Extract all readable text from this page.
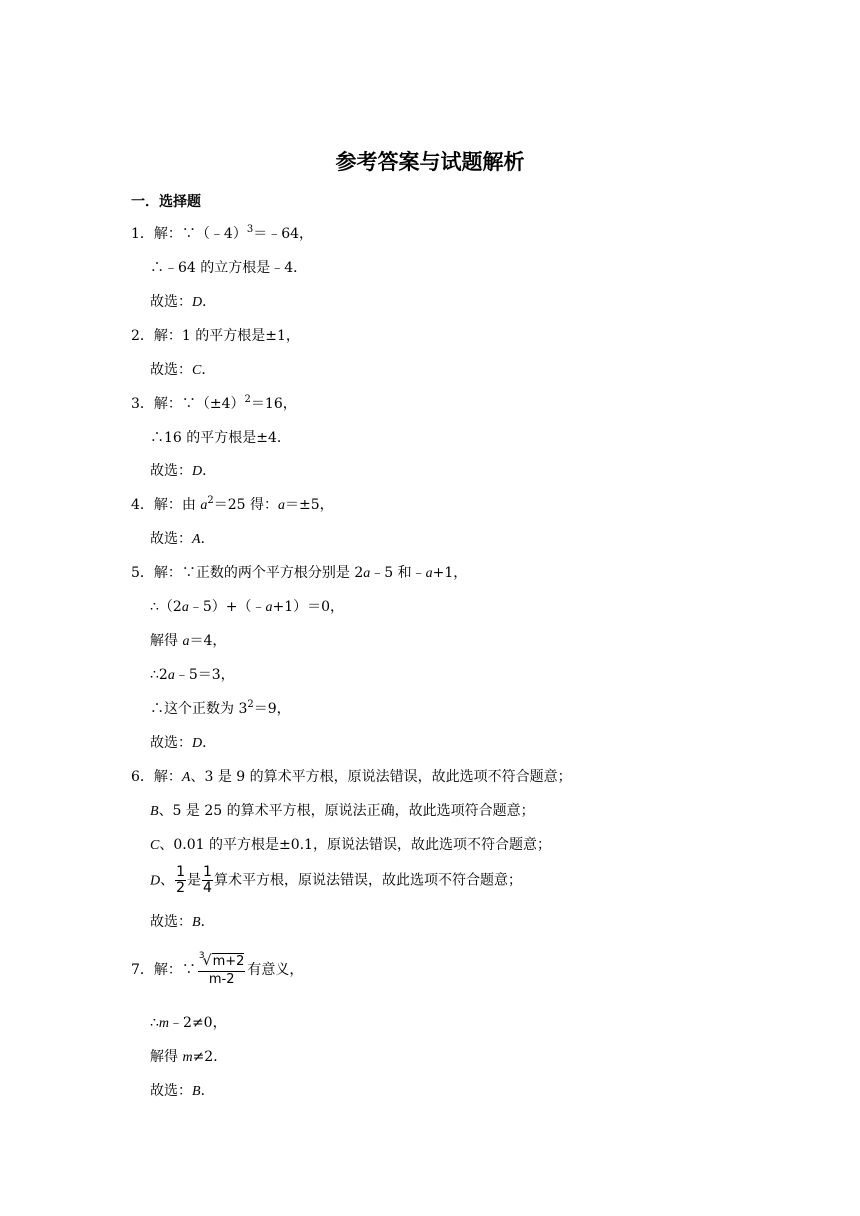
参考答案与试题解析
一．选择题
1．解：∵（﹣4）$^3$＝﹣64，
∴﹣64 的立方根是﹣4．
故选：D．
2．解：1 的平方根是±1，
故选：C．
3．解：$\because(\pm 4)^2=16$，
∴16 的平方根是±4．
故选：D．
4．解：由 $a^2=25$ 得：a＝±5，
故选：A．
5．解：∵正数的两个平方根分别是 2a﹣5 和﹣a+1，
∴（2a﹣5）+（﹣a+1）＝0，
解得 a＝4，
∴2a﹣5＝3，
∴这个正数为 $3^2=9$，
故选：D．
6．解：A、3 是 9 的算术平方根，原说法错误，故此选项不符合题意；
B、5 是 25 的算术平方根，原说法正确，故此选项符合题意；
C、0.01 的平方根是±0.1，原说法错误，故此选项不符合题意；
D、 $\frac{1}{2}$ 是 $\frac{1}{4}$ 算术平方根，原说法错误，故此选项不符合题意；
故选：B．
7．解：∵ $\frac{^3√m+2}{m-2}$ 有意义，
∴m﹣2≠0，
解得 m≠2．
故选：B．
